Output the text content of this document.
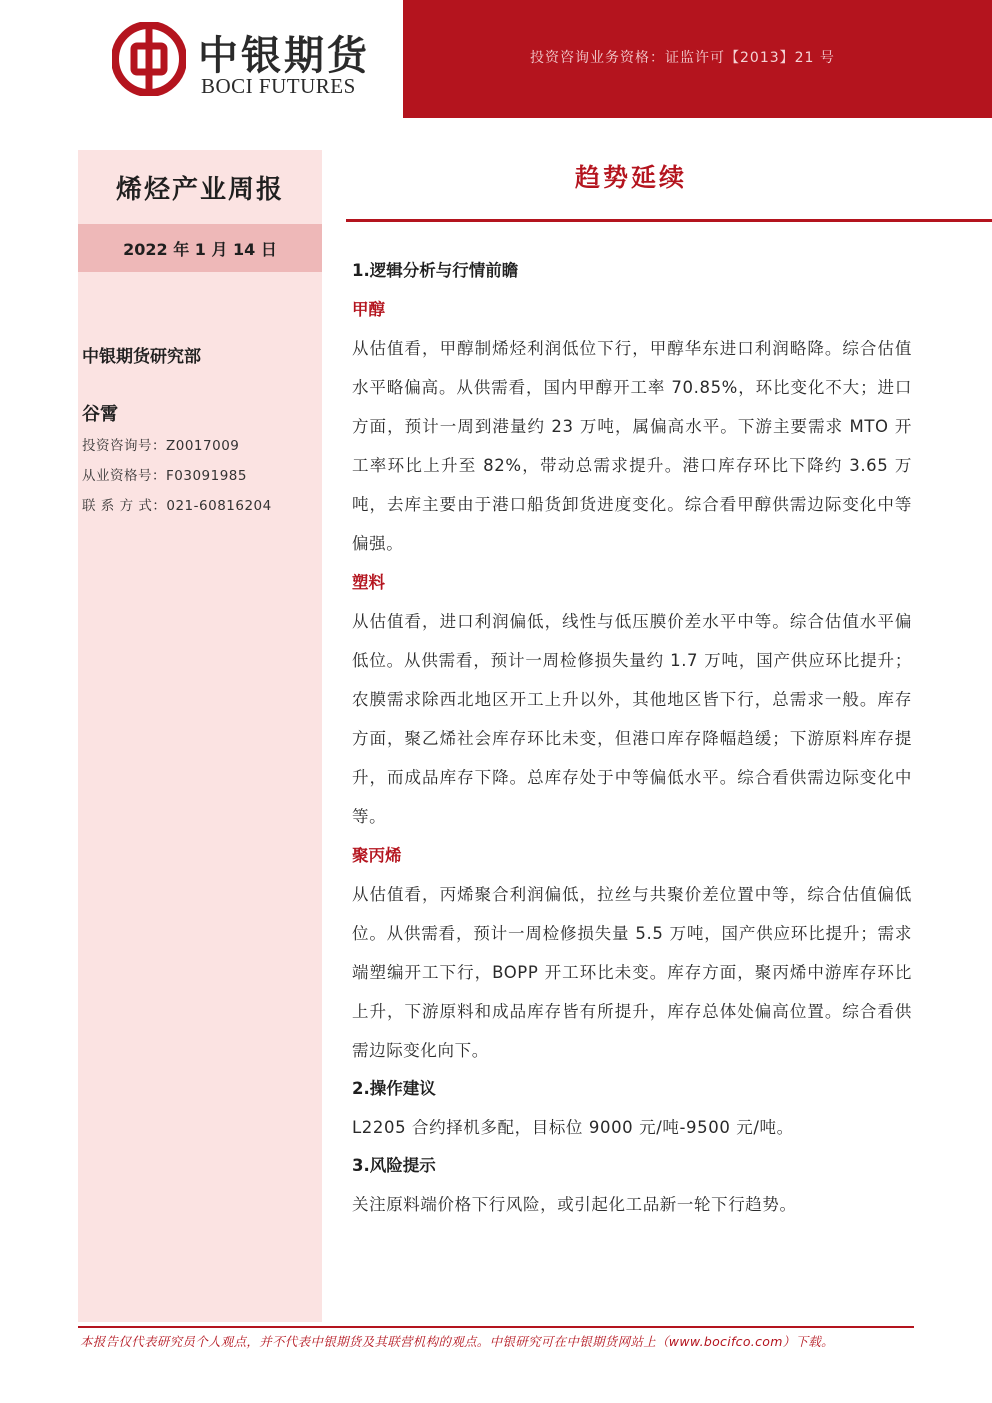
中银期货
BOCI FUTURES
投资咨询业务资格：证监许可【2013】21 号
烯烃产业周报
2022 年 1 月 14 日
中银期货研究部
谷霄
投资咨询号：Z0017009
从业资格号：F03091985
联 系 方 式：021-60816204
趋势延续
1.逻辑分析与行情前瞻
甲醇
从估值看，甲醇制烯烃利润低位下行，甲醇华东进口利润略降。综合估值水平略偏高。从供需看，国内甲醇开工率 70.85%，环比变化不大；进口方面，预计一周到港量约 23 万吨，属偏高水平。下游主要需求 MTO 开工率环比上升至 82%，带动总需求提升。港口库存环比下降约 3.65 万吨，去库主要由于港口船货卸货进度变化。综合看甲醇供需边际变化中等偏强。
塑料
从估值看，进口利润偏低，线性与低压膜价差水平中等。综合估值水平偏低位。从供需看，预计一周检修损失量约 1.7 万吨，国产供应环比提升；农膜需求除西北地区开工上升以外，其他地区皆下行，总需求一般。库存方面，聚乙烯社会库存环比未变，但港口库存降幅趋缓；下游原料库存提升，而成品库存下降。总库存处于中等偏低水平。综合看供需边际变化中等。
聚丙烯
从估值看，丙烯聚合利润偏低，拉丝与共聚价差位置中等，综合估值偏低位。从供需看，预计一周检修损失量 5.5 万吨，国产供应环比提升；需求端塑编开工下行，BOPP 开工环比未变。库存方面，聚丙烯中游库存环比上升，下游原料和成品库存皆有所提升，库存总体处偏高位置。综合看供需边际变化向下。
2.操作建议
L2205 合约择机多配，目标位 9000 元/吨-9500 元/吨。
3.风险提示
关注原料端价格下行风险，或引起化工品新一轮下行趋势。
本报告仅代表研究员个人观点，并不代表中银期货及其联营机构的观点。中银研究可在中银期货网站上（www.bocifco.com）下载。
